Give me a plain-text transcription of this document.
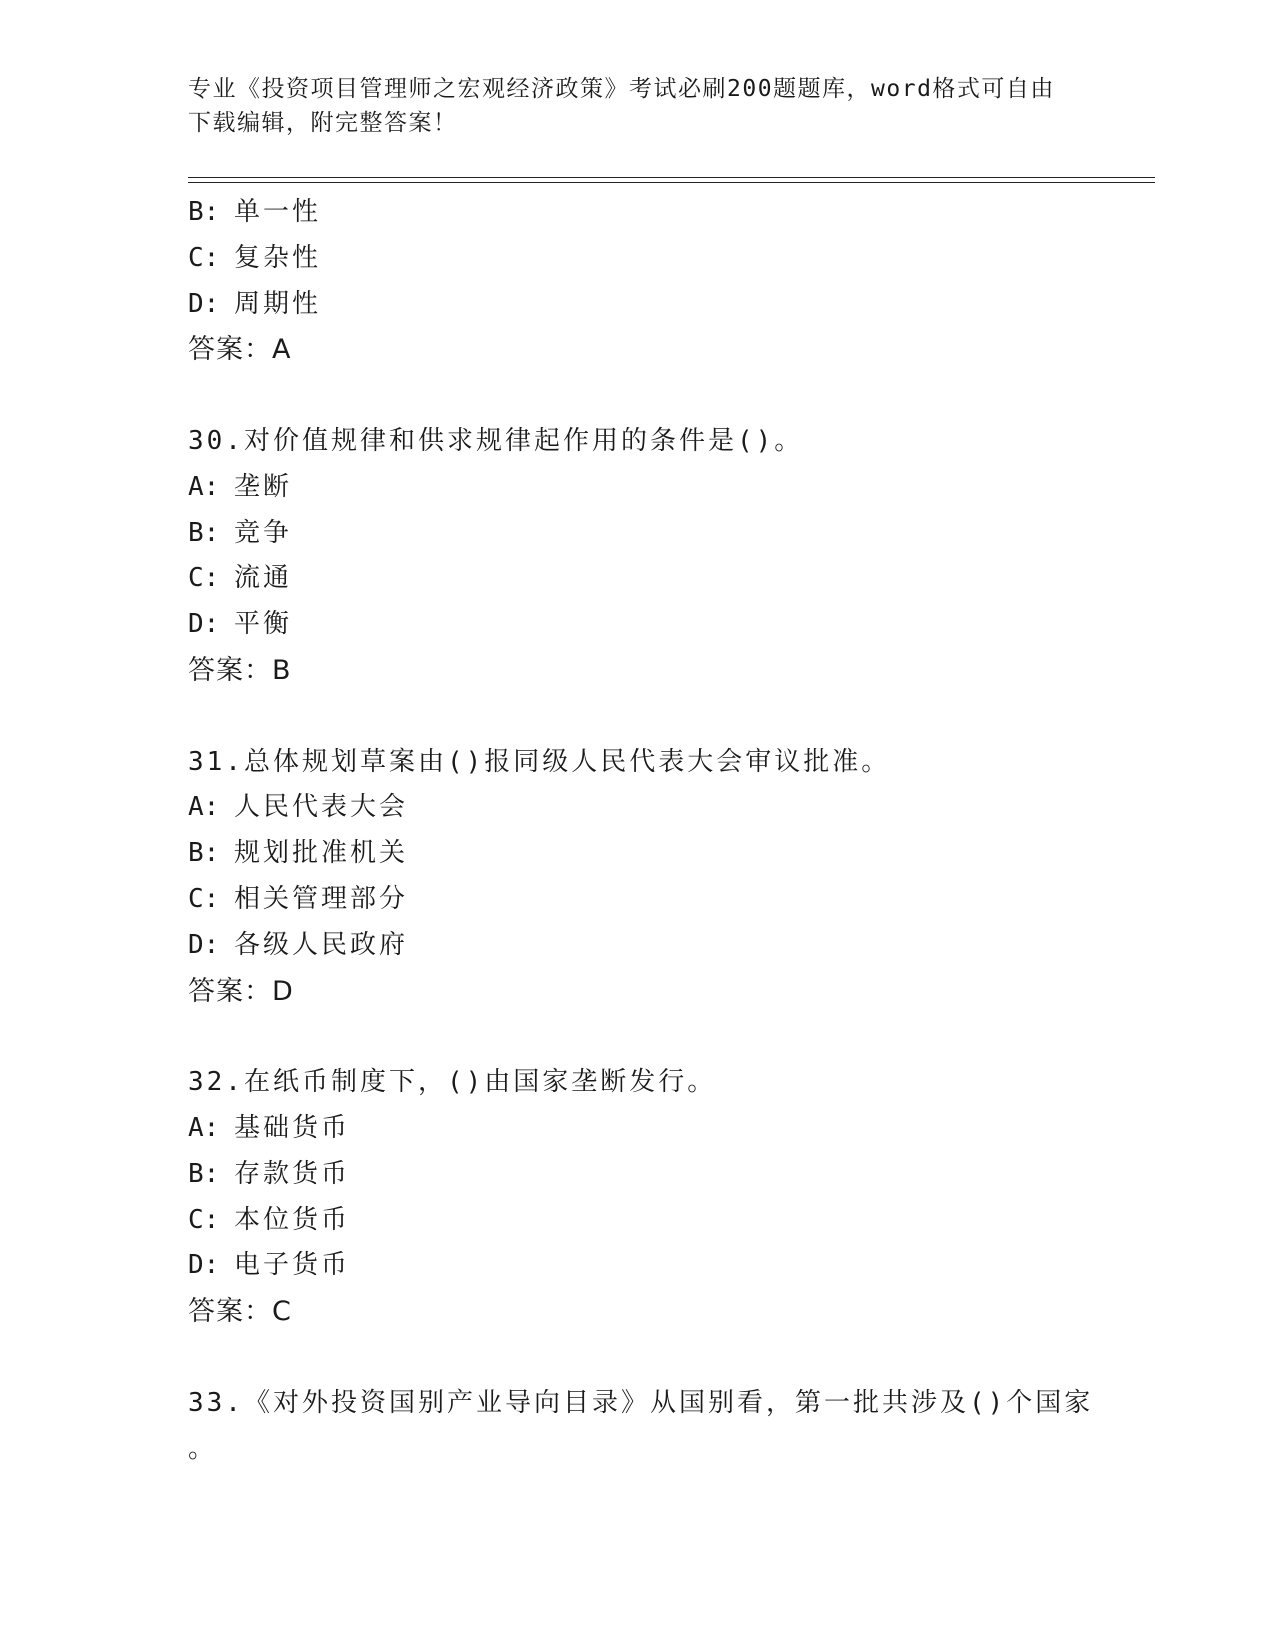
专业《投资项目管理师之宏观经济政策》考试必刷200题题库，word格式可自由
下载编辑，附完整答案！
B: 单一性
C: 复杂性
D: 周期性
答案：A
30.对价值规律和供求规律起作用的条件是()。
A: 垄断
B: 竞争
C: 流通
D: 平衡
答案：B
31.总体规划草案由()报同级人民代表大会审议批准。
A: 人民代表大会
B: 规划批准机关
C: 相关管理部分
D: 各级人民政府
答案：D
32.在纸币制度下，()由国家垄断发行。
A: 基础货币
B: 存款货币
C: 本位货币
D: 电子货币
答案：C
33.《对外投资国别产业导向目录》从国别看，第一批共涉及()个国家
。
